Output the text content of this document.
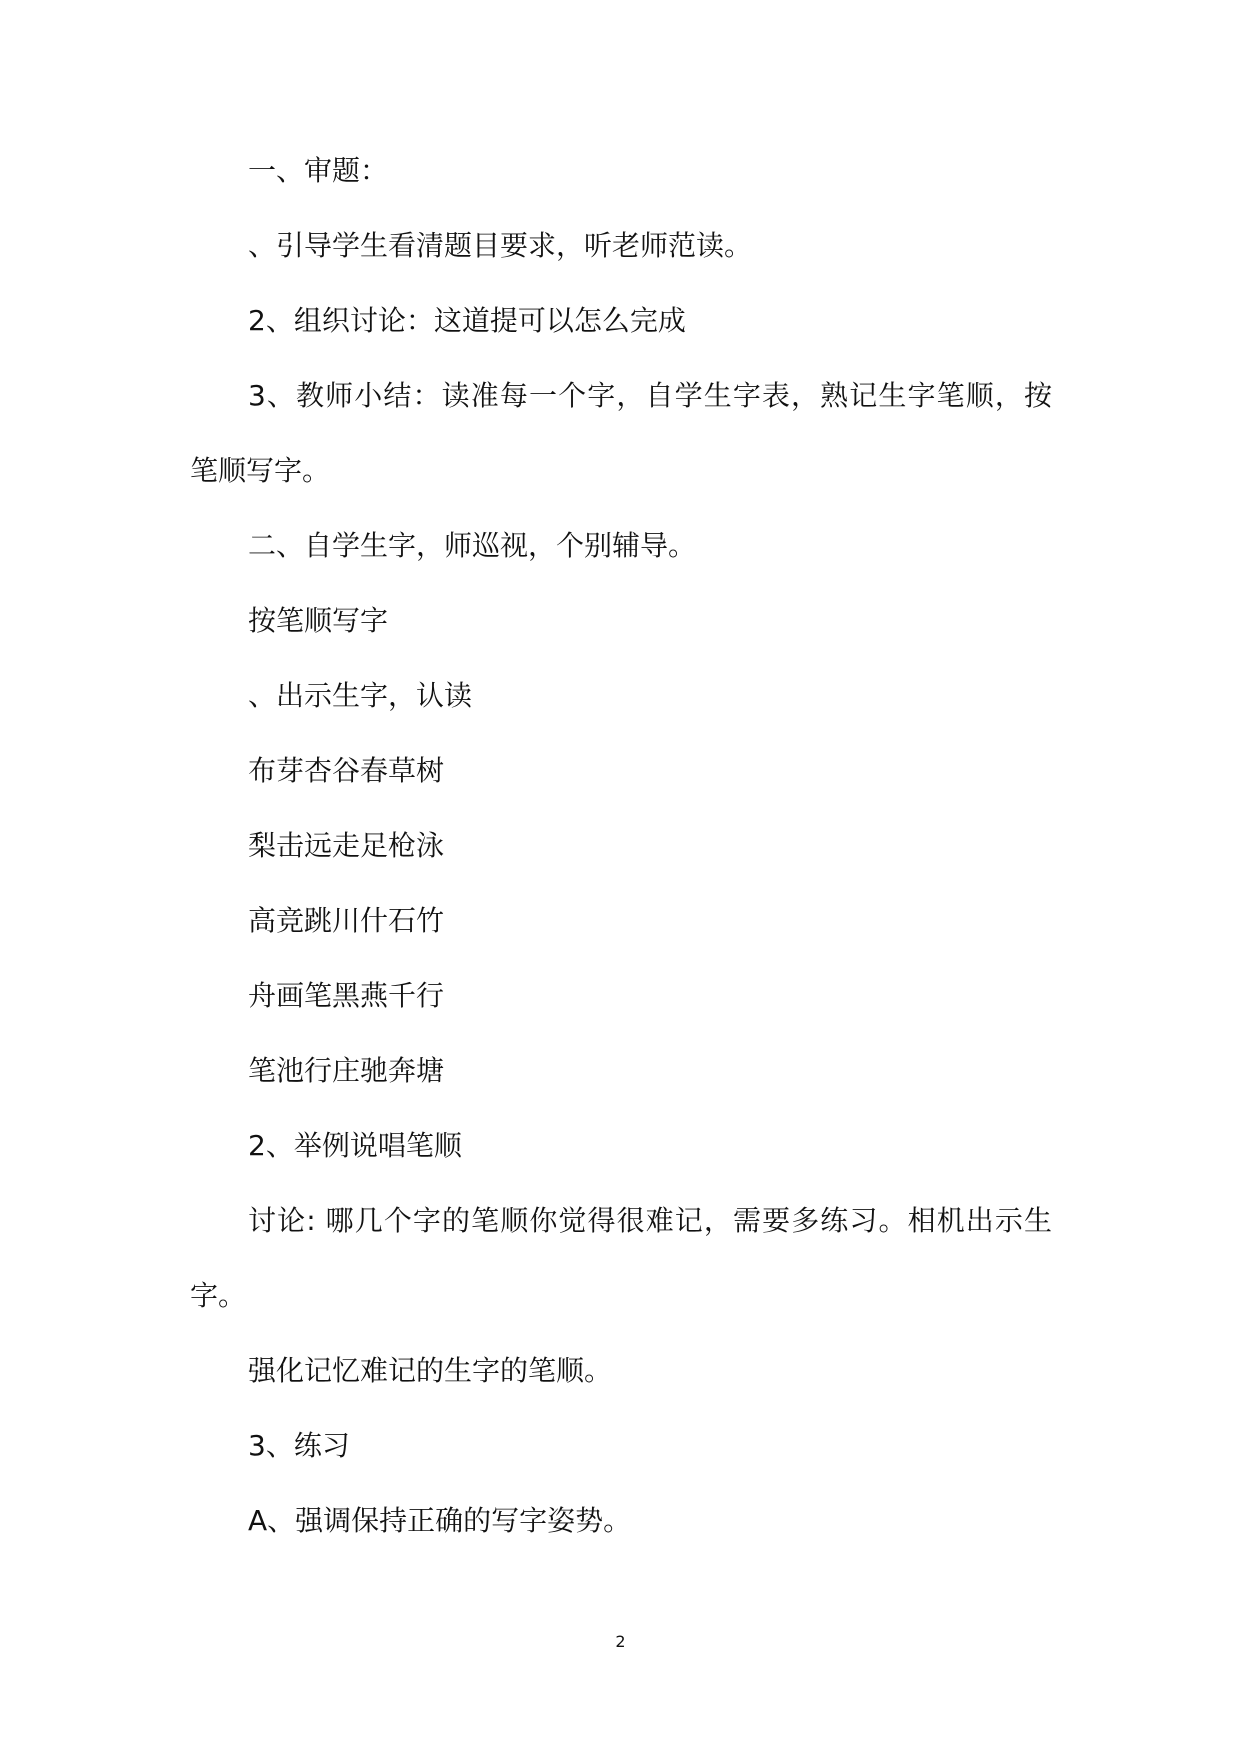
一、审题：
、引导学生看清题目要求，听老师范读。
2、组织讨论：这道提可以怎么完成
3、教师小结：读准每一个字，自学生字表，熟记生字笔顺，按
笔顺写字。
二、自学生字，师巡视，个别辅导。
按笔顺写字
、出示生字，认读
布芽杏谷春草树
梨击远走足枪泳
高竞跳川什石竹
舟画笔黑燕千行
笔池行庄驰奔塘
2、举例说唱笔顺
讨论: 哪几个字的笔顺你觉得很难记，需要多练习。相机出示生
字。
强化记忆难记的生字的笔顺。
3、练习
A、强调保持正确的写字姿势。
2
